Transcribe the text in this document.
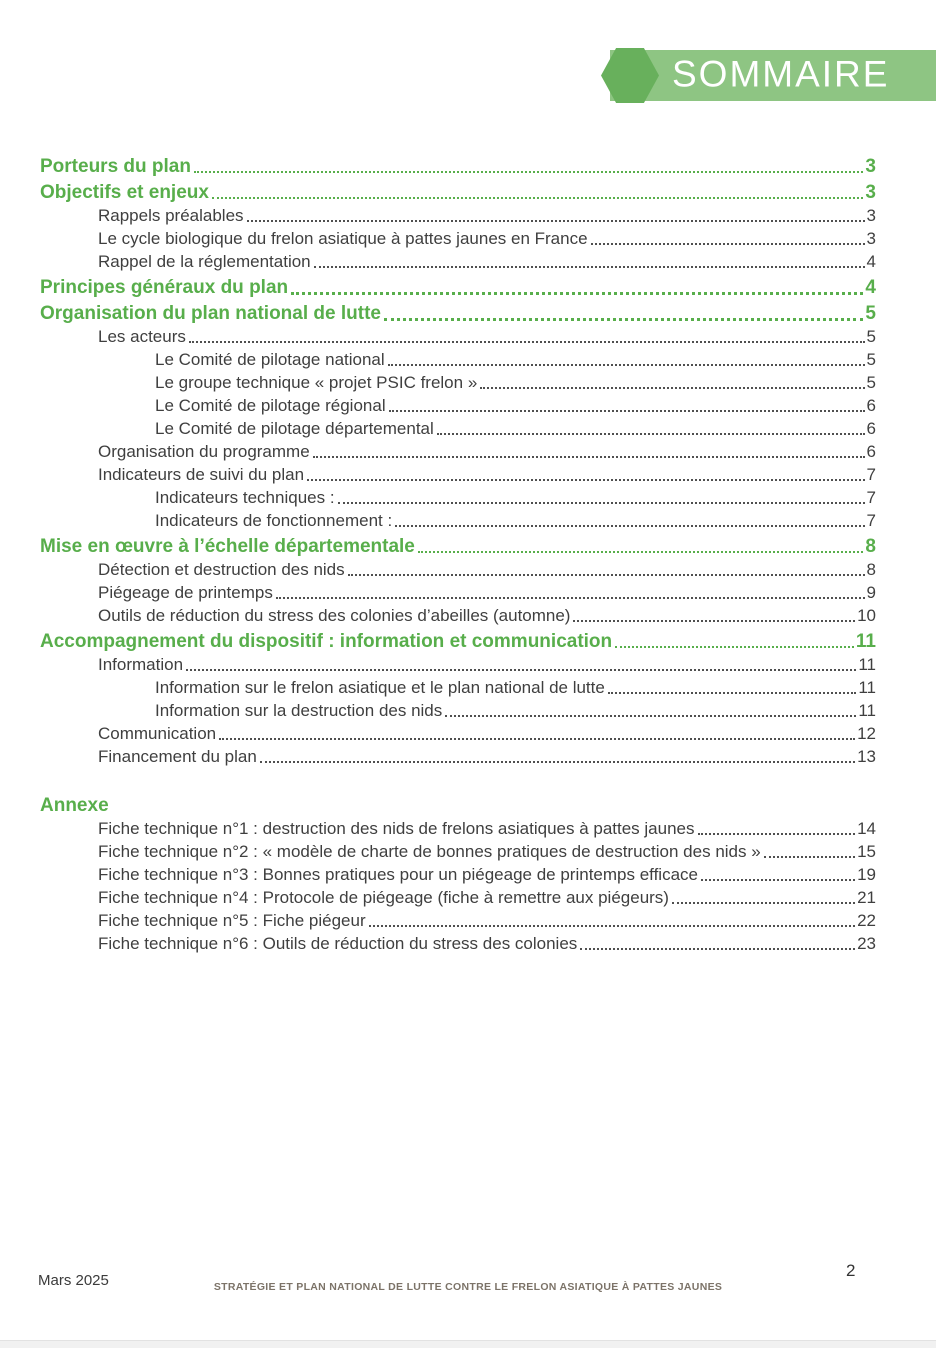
SOMMAIRE
Porteurs du plan	3
Objectifs et enjeux	3
Rappels préalables	3
Le cycle biologique du frelon asiatique à pattes jaunes en France	3
Rappel de la réglementation	4
Principes généraux du plan	4
Organisation du plan national de lutte	5
Les acteurs	5
Le Comité de pilotage national	5
Le groupe technique « projet PSIC frelon »	5
Le Comité de pilotage régional	6
Le Comité de pilotage départemental	6
Organisation du programme	6
Indicateurs de suivi du plan	7
Indicateurs techniques :	7
Indicateurs de fonctionnement :	7
Mise en œuvre à l’échelle départementale	8
Détection et destruction des nids	8
Piégeage de printemps	9
Outils de réduction du stress des colonies d’abeilles (automne)	10
Accompagnement du dispositif : information et communication	11
Information	11
Information sur le frelon asiatique et le plan national de lutte	11
Information sur la destruction des nids	11
Communication	12
Financement du plan	13
Annexe
Fiche technique n°1 : destruction des nids de frelons asiatiques à pattes jaunes	14
Fiche technique n°2 : « modèle de charte de bonnes pratiques de destruction des nids »	15
Fiche technique n°3 : Bonnes pratiques pour un piégeage de printemps efficace	19
Fiche technique n°4 : Protocole de piégeage (fiche à remettre aux piégeurs)	21
Fiche technique n°5 : Fiche piégeur	22
Fiche technique n°6 : Outils de réduction du stress des colonies	23
Mars 2025	STRATÉGIE ET PLAN NATIONAL DE LUTTE CONTRE LE FRELON ASIATIQUE À PATTES JAUNES
2
